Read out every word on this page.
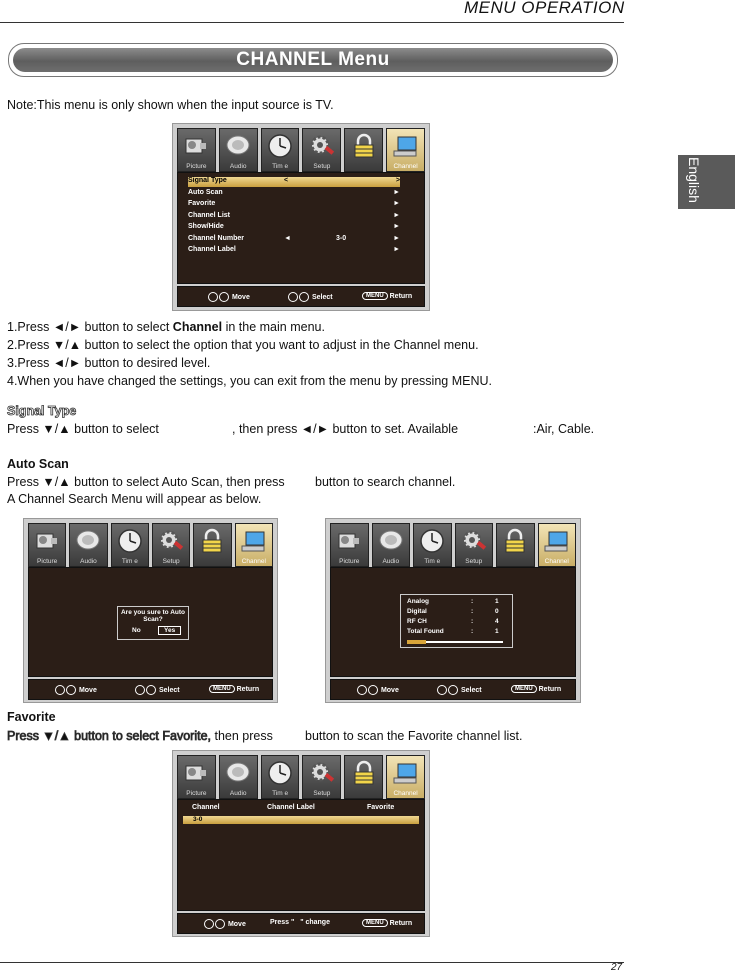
MENU OPERATION
CHANNEL Menu
Note:This menu is only shown when the input source is TV.
English
Picture	Audio	Tim e	Setup	Channel
Signal Type	<	>
Auto Scan	►
Favorite	►
Channel List	►
Show/Hide	►
Channel Number	◄	3-0	►
Channel Label	►
Move	Select	MENU Return
1.Press ◄/► button to select Channel in the main menu.
2.Press ▼/▲ button to select the option that you want to adjust in the Channel menu.
3.Press ◄/► button to desired level.
4.When you have changed the settings, you can exit from the menu by pressing MENU.
Signal Type
Press ▼/▲ button to select	, then press ◄/► button to set. Available	:Air, Cable.
Auto Scan
Press ▼/▲ button to select Auto Scan, then press button to search channel.
A Channel Search Menu will appear as below.
Picture	Audio	Tim e	Setup	Channel
Are you sure to Auto
Scan?
No	Yes
Move	Select	MENU Return
Picture	Audio	Tim e	Setup	Channel
Analog	:	1
Digital	:	0
RF CH	:	4
Total Found	:	1
Move	Select	MENU Return
Favorite
Press ▼/▲ button to select Favorite, then press	button to scan the Favorite channel list.
Picture	Audio	Tim e	Setup	Channel
Channel	Channel Label	Favorite
3-0
Move	Press " " change	MENU Return
27
